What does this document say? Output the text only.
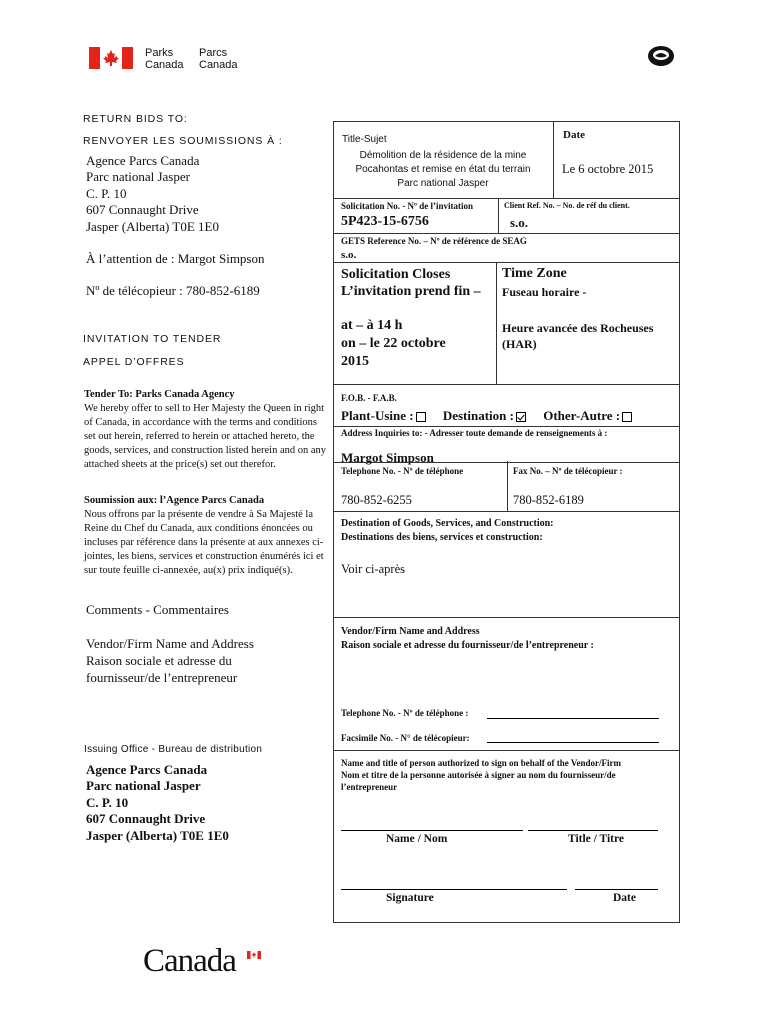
Parks
Canada
Parcs
Canada
RETURN BIDS TO:
RENVOYER LES SOUMISSIONS À :
Agence Parcs Canada
Parc national Jasper
C. P. 10
607 Connaught Drive
Jasper (Alberta) T0E 1E0
À l’attention de : Margot Simpson
Nº de télécopieur : 780-852-6189
INVITATION TO TENDER
APPEL D’OFFRES
Tender To: Parks Canada Agency
We hereby offer to sell to Her Majesty the Queen in right of Canada, in accordance with the terms and conditions set out herein, referred to herein or attached hereto, the goods, services, and construction listed herein and on any attached sheets at the price(s) set out therefor.
Soumission aux: l’Agence Parcs Canada
Nous offrons par la présente de vendre à Sa Majesté la Reine du Chef du Canada, aux conditions énoncées ou incluses par référence dans la présente at aux annexes ci-jointes, les biens, services et construction énumérés ici et sur toute feuille ci-annexée, au(x) prix indiqué(s).
Comments - Commentaires
Vendor/Firm Name and Address
Raison sociale et adresse du
fournisseur/de l’entrepreneur
Issuing Office - Bureau de distribution
Agence Parcs Canada
Parc national Jasper
C. P. 10
607 Connaught Drive
Jasper (Alberta) T0E 1E0
Title-Sujet
Démolition de la résidence de la mine
Pocahontas et remise en état du terrain
Parc national Jasper
Date
Le 6 octobre 2015
Solicitation No. - Nº de l’invitation
5P423-15-6756
Client Ref. No. – No. de réf du client.
s.o.
GETS Reference No. – Nº de référence de SEAG
s.o.
Solicitation Closes
L’invitation prend fin –
at – à 14 h
on – le 22 octobre
2015
Time Zone
Fuseau horaire -
Heure avancée des Rocheuses
(HAR)
F.O.B. - F.A.B.
Plant-Usine : Destination : Other-Autre :
Address Inquiries to: - Adresser toute demande de renseignements à :
Margot Simpson
Telephone No. - Nº de téléphone	Fax No. – Nº de télécopieur :
780-852-6255	780-852-6189
Destination of Goods, Services, and Construction:
Destinations des biens, services et construction:
Voir ci-après
Vendor/Firm Name and Address
Raison sociale et adresse du fournisseur/de l’entrepreneur :
Telephone No. - Nº de téléphone :
Facsimile No. - N° de télécopieur:
Name and title of person authorized to sign on behalf of the Vendor/Firm
Nom et titre de la personne autorisée à signer au nom du fournisseur/de
l’entrepreneur
Name / Nom	Title / Titre
Signature	Date
Canada
